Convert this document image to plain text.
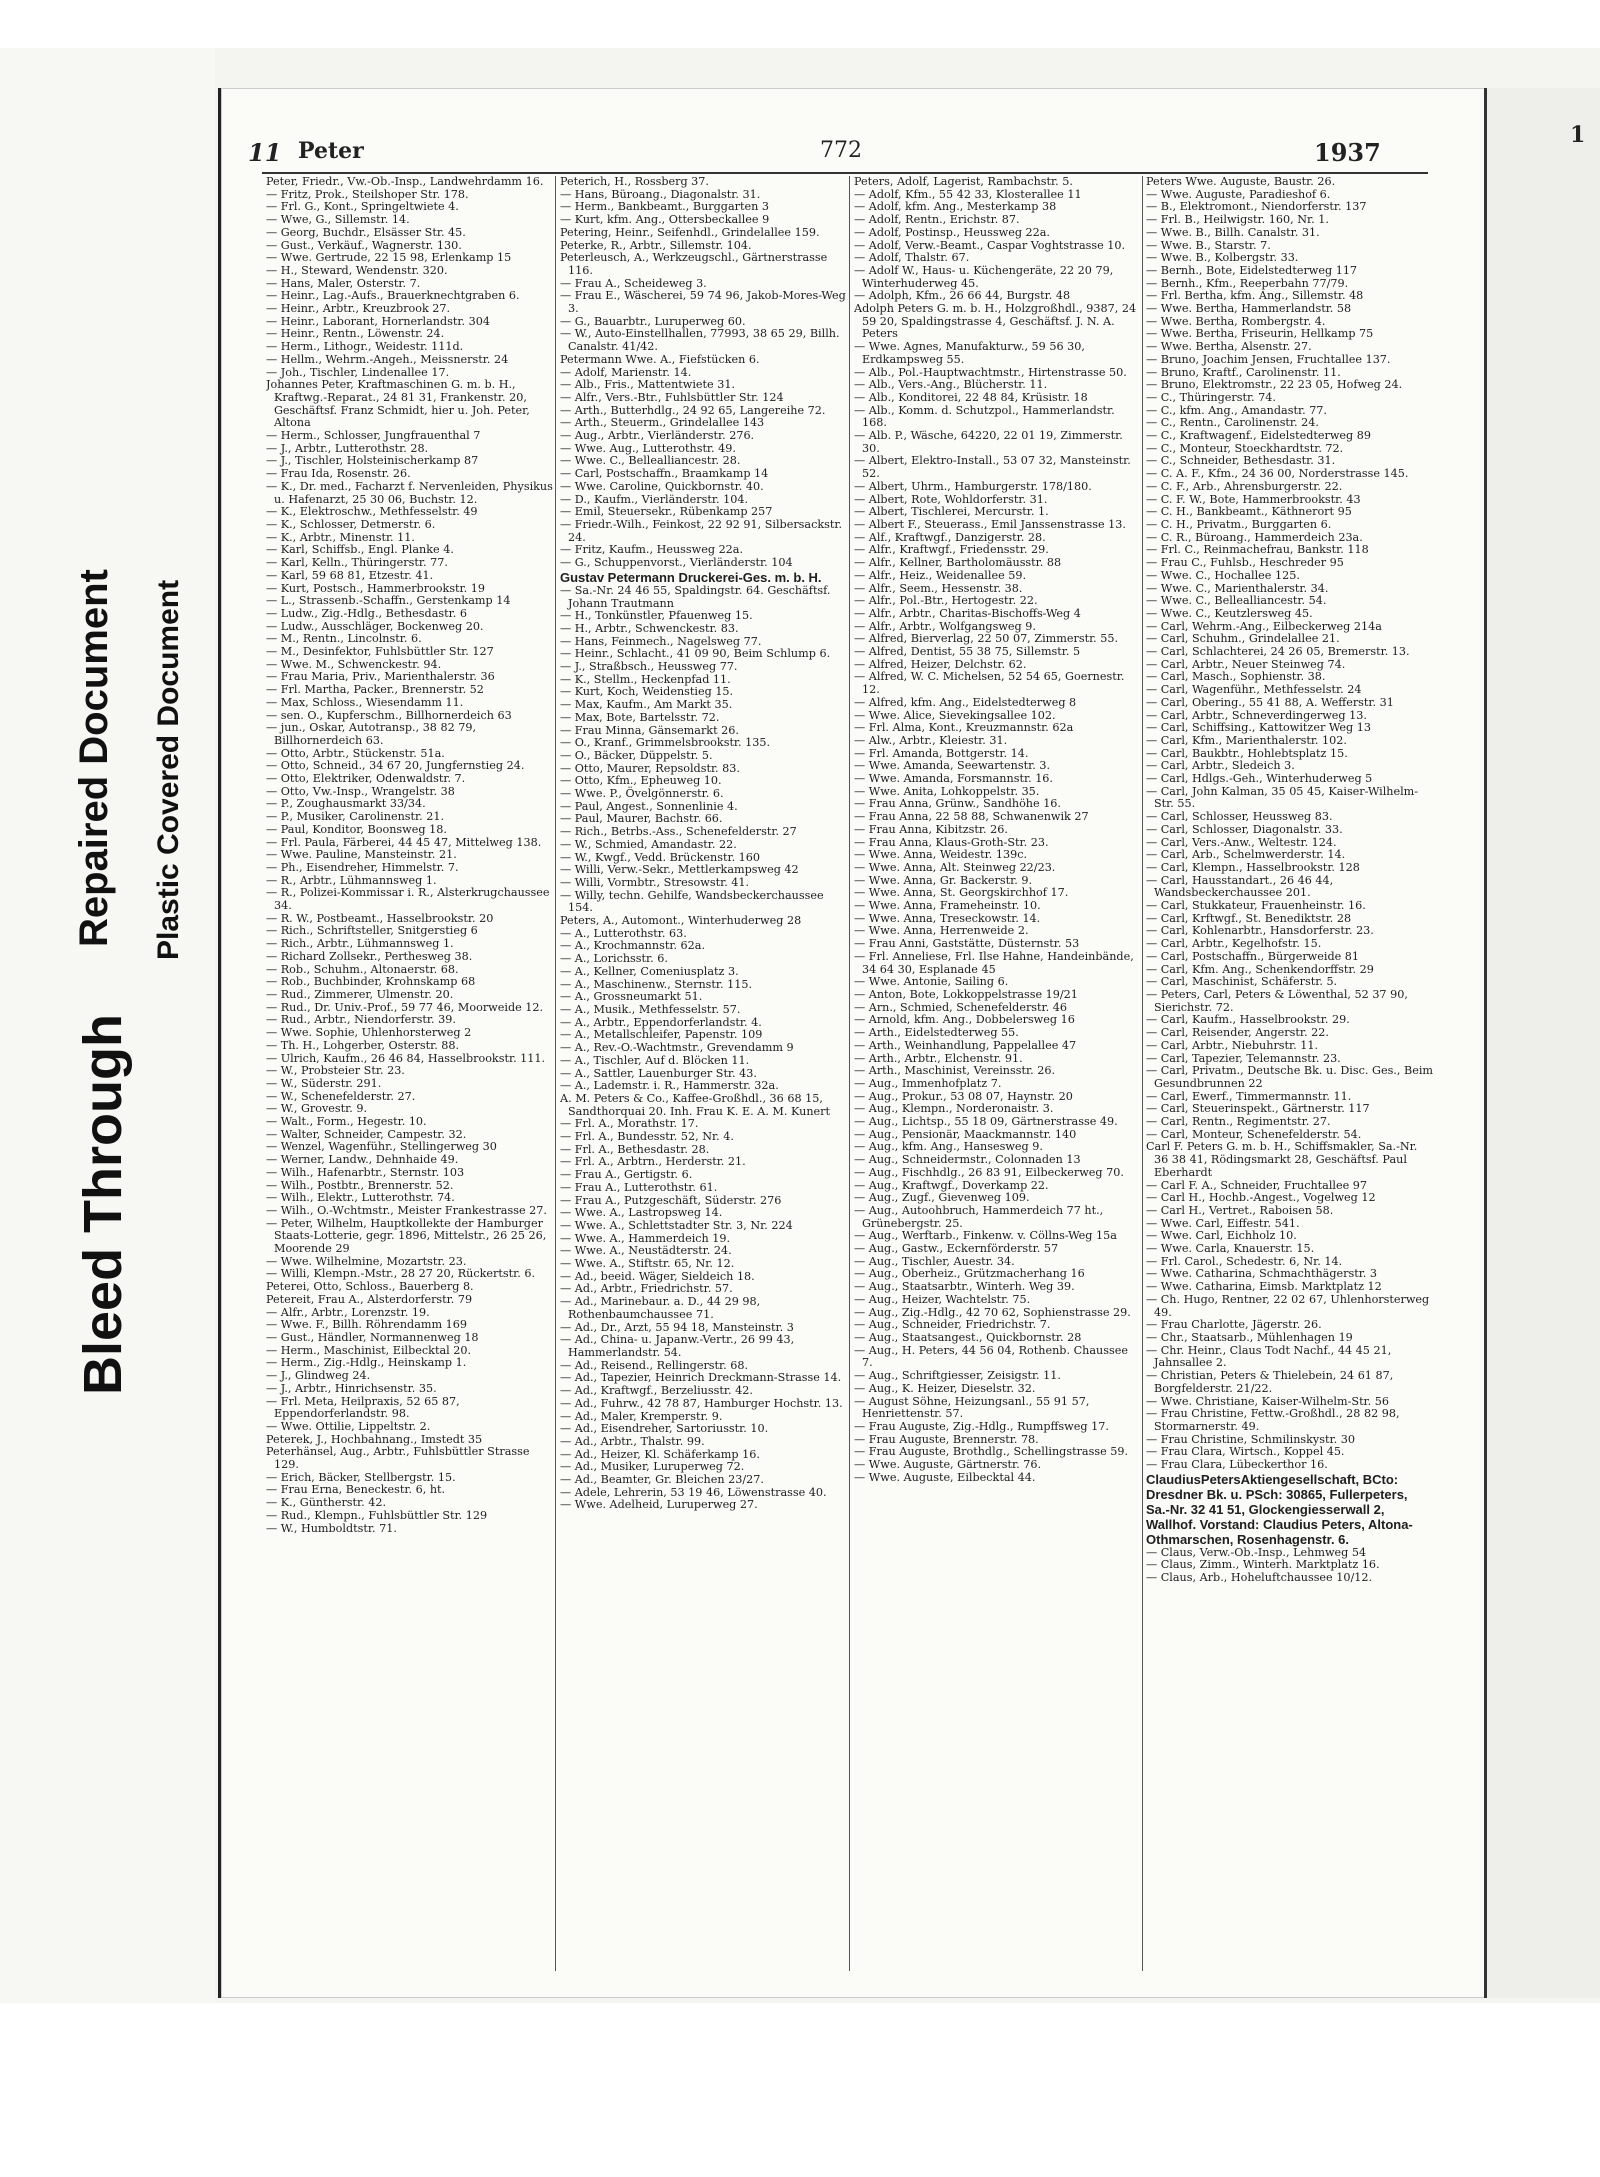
Bleed Through
Repaired Document Plastic Covered Document
1
11 Peter	772	1937
Peter, Friedr., Vw.-Ob.-Insp., Landwehrdamm 16.
— Fritz, Prok., Steilshoper Str. 178.
— Frl. G., Kont., Springeltwiete 4.
— Wwe, G., Sillemstr. 14.
— Georg, Buchdr., Elsässer Str. 45.
— Gust., Verkäuf., Wagnerstr. 130.
— Wwe. Gertrude, 22 15 98, Erlenkamp 15
— H., Steward, Wendenstr. 320.
— Hans, Maler, Osterstr. 7.
— Heinr., Lag.-Aufs., Brauerknechtgraben 6.
— Heinr., Arbtr., Kreuzbrook 27.
— Heinr., Laborant, Hornerlandstr. 304
— Heinr., Rentn., Löwenstr. 24.
— Herm., Lithogr., Weidestr. 111d.
— Hellm., Wehrm.-Angeh., Meissnerstr. 24
— Joh., Tischler, Lindenallee 17.
Johannes Peter, Kraftmaschinen G. m. b. H., Kraftwg.-Reparat., 24 81 31, Frankenstr. 20, Geschäftsf. Franz Schmidt, hier u. Joh. Peter, Altona
— Herm., Schlosser, Jungfrauenthal 7
— J., Arbtr., Lutterothstr. 28.
— J., Tischler, Holsteinischerkamp 87
— Frau Ida, Rosenstr. 26.
— K., Dr. med., Facharzt f. Nervenleiden, Physikus u. Hafenarzt, 25 30 06, Buchstr. 12.
— K., Elektroschw., Methfesselstr. 49
— K., Schlosser, Detmerstr. 6.
— K., Arbtr., Minenstr. 11.
— Karl, Schiffsb., Engl. Planke 4.
— Karl, Kelln., Thüringerstr. 77.
— Karl, 59 68 81, Etzestr. 41.
— Kurt, Postsch., Hammerbrookstr. 19
— L., Strassenb.-Schaffn., Gerstenkamp 14
— Ludw., Zig.-Hdlg., Bethesdastr. 6
— Ludw., Ausschläger, Bockenweg 20.
— M., Rentn., Lincolnstr. 6.
— M., Desinfektor, Fuhlsbüttler Str. 127
— Wwe. M., Schwenckestr. 94.
— Frau Maria, Priv., Marienthalerstr. 36
— Frl. Martha, Packer., Brennerstr. 52
— Max, Schloss., Wiesendamm 11.
— sen. O., Kupferschm., Billhornerdeich 63
— jun., Oskar, Autotransp., 38 82 79, Billhornerdeich 63.
— Otto, Arbtr., Stückenstr. 51a.
— Otto, Schneid., 34 67 20, Jungfernstieg 24.
— Otto, Elektriker, Odenwaldstr. 7.
— Otto, Vw.-Insp., Wrangelstr. 38
— P., Zoughausmarkt 33/34.
— P., Musiker, Carolinenstr. 21.
— Paul, Konditor, Boonsweg 18.
— Frl. Paula, Färberei, 44 45 47, Mittelweg 138.
— Wwe. Pauline, Mansteinstr. 21.
— Ph., Eisendreher, Himmelstr. 7.
— R., Arbtr., Lühmannsweg 1.
— R., Polizei-Kommissar i. R., Alsterkrugchaussee 34.
— R. W., Postbeamt., Hasselbrookstr. 20
— Rich., Schriftsteller, Snitgerstieg 6
— Rich., Arbtr., Lühmannsweg 1.
— Richard Zollsekr., Perthesweg 38.
— Rob., Schuhm., Altonaerstr. 68.
— Rob., Buchbinder, Krohnskamp 68
— Rud., Zimmerer, Ulmenstr. 20.
— Rud., Dr. Univ.-Prof., 59 77 46, Moorweide 12.
— Rud., Arbtr., Niendorferstr. 39.
— Wwe. Sophie, Uhlenhorsterweg 2
— Th. H., Lohgerber, Osterstr. 88.
— Ulrich, Kaufm., 26 46 84, Hasselbrookstr. 111.
— W., Probsteier Str. 23.
— W., Süderstr. 291.
— W., Schenefelderstr. 27.
— W., Grovestr. 9.
— Walt., Form., Hegestr. 10.
— Walter, Schneider, Campestr. 32.
— Wenzel, Wagenführ., Stellingerweg 30
— Werner, Landw., Dehnhaide 49.
— Wilh., Hafenarbtr., Sternstr. 103
— Wilh., Postbtr., Brennerstr. 52.
— Wilh., Elektr., Lutterothstr. 74.
— Wilh., O.-Wchtmstr., Meister Frankestrasse 27.
— Peter, Wilhelm, Hauptkollekte der Hamburger Staats-Lotterie, gegr. 1896, Mittelstr., 26 25 26, Moorende 29
— Wwe. Wilhelmine, Mozartstr. 23.
— Willi, Klempn.-Mstr., 28 27 20, Rückertstr. 6.
Peterei, Otto, Schloss., Bauerberg 8.
Petereit, Frau A., Alsterdorferstr. 79
— Alfr., Arbtr., Lorenzstr. 19.
— Wwe. F., Billh. Röhrendamm 169
— Gust., Händler, Normannenweg 18
— Herm., Maschinist, Eilbecktal 20.
— Herm., Zig.-Hdlg., Heinskamp 1.
— J., Glindweg 24.
— J., Arbtr., Hinrichsenstr. 35.
— Frl. Meta, Heilpraxis, 52 65 87, Eppendorferlandstr. 98.
— Wwe. Ottilie, Lippeltstr. 2.
Peterek, J., Hochbahnang., Imstedt 35
Peterhänsel, Aug., Arbtr., Fuhlsbüttler Strasse 129.
— Erich, Bäcker, Stellbergstr. 15.
— Frau Erna, Beneckestr. 6, ht.
— K., Güntherstr. 42.
— Rud., Klempn., Fuhlsbüttler Str. 129
— W., Humboldtstr. 71.
Peterich, H., Rossberg 37.
— Hans, Büroang., Diagonalstr. 31.
— Herm., Bankbeamt., Burggarten 3
— Kurt, kfm. Ang., Ottersbeckallee 9
Petering, Heinr., Seifenhdl., Grindelallee 159.
Peterke, R., Arbtr., Sillemstr. 104.
Peterleusch, A., Werkzeugschl., Gärtnerstrasse 116.
— Frau A., Scheideweg 3.
— Frau E., Wäscherei, 59 74 96, Jakob-Mores-Weg 3.
— G., Bauarbtr., Luruperweg 60.
— W., Auto-Einstellhallen, 77993, 38 65 29, Billh. Canalstr. 41/42.
Petermann Wwe. A., Fiefstücken 6.
— Adolf, Marienstr. 14.
— Alb., Fris., Mattentwiete 31.
— Alfr., Vers.-Btr., Fuhlsbüttler Str. 124
— Arth., Butterhdlg., 24 92 65, Langereihe 72.
— Arth., Steuerm., Grindelallee 143
— Aug., Arbtr., Vierländerstr. 276.
— Wwe. Aug., Lutterothstr. 49.
— Wwe. C., Bellealliancestr. 28.
— Carl, Postschaffn., Braamkamp 14
— Wwe. Caroline, Quickbornstr. 40.
— D., Kaufm., Vierländerstr. 104.
— Emil, Steuersekr., Rübenkamp 257
— Friedr.-Wilh., Feinkost, 22 92 91, Silbersackstr. 24.
— Fritz, Kaufm., Heussweg 22a.
— G., Schuppenvorst., Vierländerstr. 104
Gustav Petermann Druckerei-Ges. m. b. H.
— Sa.-Nr. 24 46 55, Spaldingstr. 64. Geschäftsf. Johann Trautmann
— H., Tonkünstler, Pfauenweg 15.
— H., Arbtr., Schwenckestr. 83.
— Hans, Feinmech., Nagelsweg 77.
— Heinr., Schlacht., 41 09 90, Beim Schlump 6.
— J., Straßbsch., Heussweg 77.
— K., Stellm., Heckenpfad 11.
— Kurt, Koch, Weidenstieg 15.
— Max, Kaufm., Am Markt 35.
— Max, Bote, Bartelsstr. 72.
— Frau Minna, Gänsemarkt 26.
— O., Kranf., Grimmelsbrookstr. 135.
— O., Bäcker, Düppelstr. 5.
— Otto, Maurer, Repsoldstr. 83.
— Otto, Kfm., Epheuweg 10.
— Wwe. P., Övelgönnerstr. 6.
— Paul, Angest., Sonnenlinie 4.
— Paul, Maurer, Bachstr. 66.
— Rich., Betrbs.-Ass., Schenefelderstr. 27
— W., Schmied, Amandastr. 22.
— W., Kwgf., Vedd. Brückenstr. 160
— Willi, Verw.-Sekr., Mettlerkampsweg 42
— Willi, Vormbtr., Stresowstr. 41.
— Willy, techn. Gehilfe, Wandsbeckerchaussee 154.
Peters, A., Automont., Winterhuderweg 28
— A., Lutterothstr. 63.
— A., Krochmannstr. 62a.
— A., Lorichsstr. 6.
— A., Kellner, Comeniusplatz 3.
— A., Maschinenw., Sternstr. 115.
— A., Grossneumarkt 51.
— A., Musik., Methfesselstr. 57.
— A., Arbtr., Eppendorferlandstr. 4.
— A., Metallschleifer, Papenstr. 109
— A., Rev.-O.-Wachtmstr., Grevendamm 9
— A., Tischler, Auf d. Blöcken 11.
— A., Sattler, Lauenburger Str. 43.
— A., Lademstr. i. R., Hammerstr. 32a.
A. M. Peters & Co., Kaffee-Großhdl., 36 68 15, Sandthorquai 20. Inh. Frau K. E. A. M. Kunert
— Frl. A., Morathstr. 17.
— Frl. A., Bundesstr. 52, Nr. 4.
— Frl. A., Bethesdastr. 28.
— Frl. A., Arbtrn., Herderstr. 21.
— Frau A., Gertigstr. 6.
— Frau A., Lutterothstr. 61.
— Frau A., Putzgeschäft, Süderstr. 276
— Wwe. A., Lastropsweg 14.
— Wwe. A., Schlettstadter Str. 3, Nr. 224
— Wwe. A., Hammerdeich 19.
— Wwe. A., Neustädterstr. 24.
— Wwe. A., Stiftstr. 65, Nr. 12.
— Ad., beeid. Wäger, Sieldeich 18.
— Ad., Arbtr., Friedrichstr. 57.
— Ad., Marinebaur. a. D., 44 29 98, Rothenbaumchaussee 71.
— Ad., Dr., Arzt, 55 94 18, Mansteinstr. 3
— Ad., China- u. Japanw.-Vertr., 26 99 43, Hammerlandstr. 54.
— Ad., Reisend., Rellingerstr. 68.
— Ad., Tapezier, Heinrich Dreckmann-Strasse 14.
— Ad., Kraftwgf., Berzeliusstr. 42.
— Ad., Fuhrw., 42 78 87, Hamburger Hochstr. 13.
— Ad., Maler, Kremperstr. 9.
— Ad., Eisendreher, Sartoriusstr. 10.
— Ad., Arbtr., Thalstr. 99.
— Ad., Heizer, Kl. Schäferkamp 16.
— Ad., Musiker, Luruperweg 72.
— Ad., Beamter, Gr. Bleichen 23/27.
— Adele, Lehrerin, 53 19 46, Löwenstrasse 40.
— Wwe. Adelheid, Luruperweg 27.
Peters, Adolf, Lagerist, Rambachstr. 5.
— Adolf, Kfm., 55 42 33, Klosterallee 11
— Adolf, kfm. Ang., Mesterkamp 38
— Adolf, Rentn., Erichstr. 87.
— Adolf, Postinsp., Heussweg 22a.
— Adolf, Verw.-Beamt., Caspar Voghtstrasse 10.
— Adolf, Thalstr. 67.
— Adolf W., Haus- u. Küchengeräte, 22 20 79, Winterhuderweg 45.
— Adolph, Kfm., 26 66 44, Burgstr. 48
Adolph Peters G. m. b. H., Holzgroßhdl., 9387, 24 59 20, Spaldingstrasse 4, Geschäftsf. J. N. A. Peters
— Wwe. Agnes, Manufakturw., 59 56 30, Erdkampsweg 55.
— Alb., Pol.-Hauptwachtmstr., Hirtenstrasse 50.
— Alb., Vers.-Ang., Blücherstr. 11.
— Alb., Konditorei, 22 48 84, Krüsistr. 18
— Alb., Komm. d. Schutzpol., Hammerlandstr. 168.
— Alb. P., Wäsche, 64220, 22 01 19, Zimmerstr. 30.
— Albert, Elektro-Install., 53 07 32, Mansteinstr. 52.
— Albert, Uhrm., Hamburgerstr. 178/180.
— Albert, Rote, Wohldorferstr. 31.
— Albert, Tischlerei, Mercurstr. 1.
— Albert F., Steuerass., Emil Janssenstrasse 13.
— Alf., Kraftwgf., Danzigerstr. 28.
— Alfr., Kraftwgf., Friedensstr. 29.
— Alfr., Kellner, Bartholomäusstr. 88
— Alfr., Heiz., Weidenallee 59.
— Alfr., Seem., Hessenstr. 38.
— Alfr., Pol.-Btr., Hertogestr. 22.
— Alfr., Arbtr., Charitas-Bischoffs-Weg 4
— Alfr., Arbtr., Wolfgangsweg 9.
— Alfred, Bierverlag, 22 50 07, Zimmerstr. 55.
— Alfred, Dentist, 55 38 75, Sillemstr. 5
— Alfred, Heizer, Delchstr. 62.
— Alfred, W. C. Michelsen, 52 54 65, Goernestr. 12.
— Alfred, kfm. Ang., Eidelstedterweg 8
— Wwe. Alice, Sievekingsallee 102.
— Frl. Alma, Kont., Kreuzmannstr. 62a
— Alw., Arbtr., Kleiestr. 31.
— Frl. Amanda, Bottgerstr. 14.
— Wwe. Amanda, Seewartenstr. 3.
— Wwe. Amanda, Forsmannstr. 16.
— Wwe. Anita, Lohkoppelstr. 35.
— Frau Anna, Grünw., Sandhöhe 16.
— Frau Anna, 22 58 88, Schwanenwik 27
— Frau Anna, Kibitzstr. 26.
— Frau Anna, Klaus-Groth-Str. 23.
— Wwe. Anna, Weidestr. 139c.
— Wwe. Anna, Alt. Steinweg 22/23.
— Wwe. Anna, Gr. Backerstr. 9.
— Wwe. Anna, St. Georgskirchhof 17.
— Wwe. Anna, Frameheinstr. 10.
— Wwe. Anna, Treseckowstr. 14.
— Wwe. Anna, Herrenweide 2.
— Frau Anni, Gaststätte, Düsternstr. 53
— Frl. Anneliese, Frl. Ilse Hahne, Handeinbände, 34 64 30, Esplanade 45
— Wwe. Antonie, Sailing 6.
— Anton, Bote, Lokkoppelstrasse 19/21
— Arn., Schmied, Schenefelderstr. 46
— Arnold, kfm. Ang., Dobbelersweg 16
— Arth., Eidelstedterweg 55.
— Arth., Weinhandlung, Pappelallee 47
— Arth., Arbtr., Elchenstr. 91.
— Arth., Maschinist, Vereinsstr. 26.
— Aug., Immenhofplatz 7.
— Aug., Prokur., 53 08 07, Haynstr. 20
— Aug., Klempn., Norderonaistr. 3.
— Aug., Lichtsp., 55 18 09, Gärtnerstrasse 49.
— Aug., Pensionär, Maackmannstr. 140
— Aug., kfm. Ang., Hansesweg 9.
— Aug., Schneidermstr., Colonnaden 13
— Aug., Fischhdlg., 26 83 91, Eilbeckerweg 70.
— Aug., Kraftwgf., Doverkamp 22.
— Aug., Zugf., Gievenweg 109.
— Aug., Autoohbruch, Hammerdeich 77 ht., Grünebergstr. 25.
— Aug., Werftarb., Finkenw. v. Cöllns-Weg 15a
— Aug., Gastw., Eckernförderstr. 57
— Aug., Tischler, Auestr. 34.
— Aug., Oberheiz., Grützmacherhang 16
— Aug., Staatsarbtr., Winterh. Weg 39.
— Aug., Heizer, Wachtelstr. 75.
— Aug., Zig.-Hdlg., 42 70 62, Sophienstrasse 29.
— Aug., Schneider, Friedrichstr. 7.
— Aug., Staatsangest., Quickbornstr. 28
— Aug., H. Peters, 44 56 04, Rothenb. Chaussee 7.
— Aug., Schriftgiesser, Zeisigstr. 11.
— Aug., K. Heizer, Dieselstr. 32.
— August Söhne, Heizungsanl., 55 91 57, Henriettenstr. 57.
— Frau Auguste, Zig.-Hdlg., Rumpffsweg 17.
— Frau Auguste, Brennerstr. 78.
— Frau Auguste, Brothdlg., Schellingstrasse 59.
— Wwe. Auguste, Gärtnerstr. 76.
— Wwe. Auguste, Eilbecktal 44.
Peters Wwe. Auguste, Baustr. 26.
— Wwe. Auguste, Paradieshof 6.
— B., Elektromont., Niendorferstr. 137
— Frl. B., Heilwigstr. 160, Nr. 1.
— Wwe. B., Billh. Canalstr. 31.
— Wwe. B., Starstr. 7.
— Wwe. B., Kolbergstr. 33.
— Bernh., Bote, Eidelstedterweg 117
— Bernh., Kfm., Reeperbahn 77/79.
— Frl. Bertha, kfm. Ang., Sillemstr. 48
— Wwe. Bertha, Hammerlandstr. 58
— Wwe. Bertha, Rombergstr. 4.
— Wwe. Bertha, Friseurin, Hellkamp 75
— Wwe. Bertha, Alsenstr. 27.
— Bruno, Joachim Jensen, Fruchtallee 137.
— Bruno, Kraftf., Carolinenstr. 11.
— Bruno, Elektromstr., 22 23 05, Hofweg 24.
— C., Thüringerstr. 74.
— C., kfm. Ang., Amandastr. 77.
— C., Rentn., Carolinenstr. 24.
— C., Kraftwagenf., Eidelstedterweg 89
— C., Monteur, Stoeckhardtstr. 72.
— C., Schneider, Bethesdastr. 31.
— C. A. F., Kfm., 24 36 00, Norderstrasse 145.
— C. F., Arb., Ahrensburgerstr. 22.
— C. F. W., Bote, Hammerbrookstr. 43
— C. H., Bankbeamt., Käthnerort 95
— C. H., Privatm., Burggarten 6.
— C. R., Büroang., Hammerdeich 23a.
— Frl. C., Reinmachefrau, Bankstr. 118
— Frau C., Fuhlsb., Heschreder 95
— Wwe. C., Hochallee 125.
— Wwe. C., Marienthalerstr. 34.
— Wwe. C., Bellealliancestr. 54.
— Wwe. C., Keutzlersweg 45.
— Carl, Wehrm.-Ang., Eilbeckerweg 214a
— Carl, Schuhm., Grindelallee 21.
— Carl, Schlachterei, 24 26 05, Bremerstr. 13.
— Carl, Arbtr., Neuer Steinweg 74.
— Carl, Masch., Sophienstr. 38.
— Carl, Wagenführ., Methfesselstr. 24
— Carl, Obering., 55 41 88, A. Wefferstr. 31
— Carl, Arbtr., Schneverdingerweg 13.
— Carl, Schiffsing., Kattowitzer Weg 13
— Carl, Kfm., Marienthalerstr. 102.
— Carl, Baukbtr., Hohlebtsplatz 15.
— Carl, Arbtr., Sledeich 3.
— Carl, Hdlgs.-Geh., Winterhuderweg 5
— Carl, John Kalman, 35 05 45, Kaiser-Wilhelm-Str. 55.
— Carl, Schlosser, Heussweg 83.
— Carl, Schlosser, Diagonalstr. 33.
— Carl, Vers.-Anw., Weltestr. 124.
— Carl, Arb., Schelmwerderstr. 14.
— Carl, Klempn., Hasselbrookstr. 128
— Carl, Hausstandart., 26 46 44, Wandsbeckerchaussee 201.
— Carl, Stukkateur, Frauenheinstr. 16.
— Carl, Krftwgf., St. Benediktstr. 28
— Carl, Kohlenarbtr., Hansdorferstr. 23.
— Carl, Arbtr., Kegelhofstr. 15.
— Carl, Postschaffn., Bürgerweide 81
— Carl, Kfm. Ang., Schenkendorffstr. 29
— Carl, Maschinist, Schäferstr. 5.
— Peters, Carl, Peters & Löwenthal, 52 37 90, Sierichstr. 72.
— Carl, Kaufm., Hasselbrookstr. 29.
— Carl, Reisender, Angerstr. 22.
— Carl, Arbtr., Niebuhrstr. 11.
— Carl, Tapezier, Telemannstr. 23.
— Carl, Privatm., Deutsche Bk. u. Disc. Ges., Beim Gesundbrunnen 22
— Carl, Ewerf., Timmermannstr. 11.
— Carl, Steuerinspekt., Gärtnerstr. 117
— Carl, Rentn., Regimentstr. 27.
— Carl, Monteur, Schenefelderstr. 54.
Carl F. Peters G. m. b. H., Schiffsmakler, Sa.-Nr. 36 38 41, Rödingsmarkt 28, Geschäftsf. Paul Eberhardt
— Carl F. A., Schneider, Fruchtallee 97
— Carl H., Hochb.-Angest., Vogelweg 12
— Carl H., Vertret., Raboisen 58.
— Wwe. Carl, Eiffestr. 541.
— Wwe. Carl, Eichholz 10.
— Wwe. Carla, Knauerstr. 15.
— Frl. Carol., Schedestr. 6, Nr. 14.
— Wwe. Catharina, Schmachthägerstr. 3
— Wwe. Catharina, Eimsb. Marktplatz 12
— Ch. Hugo, Rentner, 22 02 67, Uhlenhorsterweg 49.
— Frau Charlotte, Jägerstr. 26.
— Chr., Staatsarb., Mühlenhagen 19
— Chr. Heinr., Claus Todt Nachf., 44 45 21, Jahnsallee 2.
— Christian, Peters & Thielebein, 24 61 87, Borgfelderstr. 21/22.
— Wwe. Christiane, Kaiser-Wilhelm-Str. 56
— Frau Christine, Fettw.-Großhdl., 28 82 98, Stormarnerstr. 49.
— Frau Christine, Schmilinskystr. 30
— Frau Clara, Wirtsch., Koppel 45.
— Frau Clara, Lübeckerthor 16.
ClaudiusPetersAktiengesellschaft, BCto: Dresdner Bk. u. PSch: 30865, Fullerpeters, Sa.-Nr. 32 41 51, Glockengiesserwall 2, Wallhof. Vorstand: Claudius Peters, Altona-Othmarschen, Rosenhagenstr. 6.
— Claus, Verw.-Ob.-Insp., Lehmweg 54
— Claus, Zimm., Winterh. Marktplatz 16.
— Claus, Arb., Hoheluftchaussee 10/12.
